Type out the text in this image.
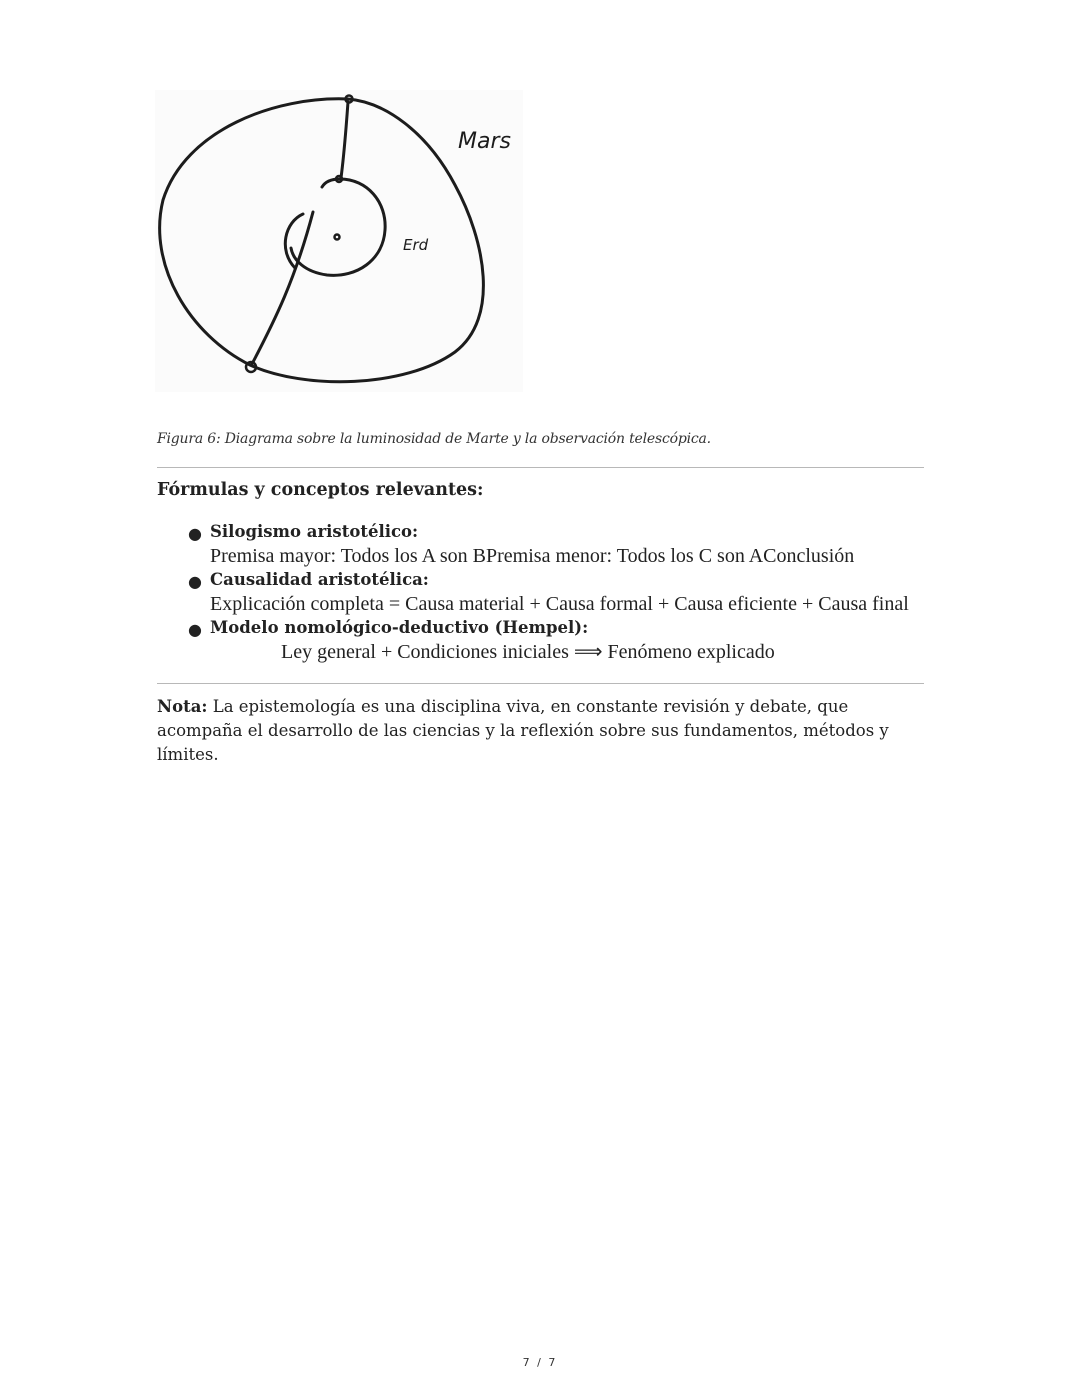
Mars
Erd
Figura 6: Diagrama sobre la luminosidad de Marte y la observación telescópica.
Fórmulas y conceptos relevantes:
● Silogismo aristotélico:
Premisa mayor: Todos los A son BPremisa menor: Todos los C son AConclusión
● Causalidad aristotélica:
Explicación completa = Causa material + Causa formal + Causa eficiente + Causa final
● Modelo nomológico-deductivo (Hempel):
Ley general + Condiciones iniciales ⟹ Fenómeno explicado
Nota: La epistemología es una disciplina viva, en constante revisión y debate, que acompaña el desarrollo de las ciencias y la reflexión sobre sus fundamentos, métodos y límites.
7 / 7
